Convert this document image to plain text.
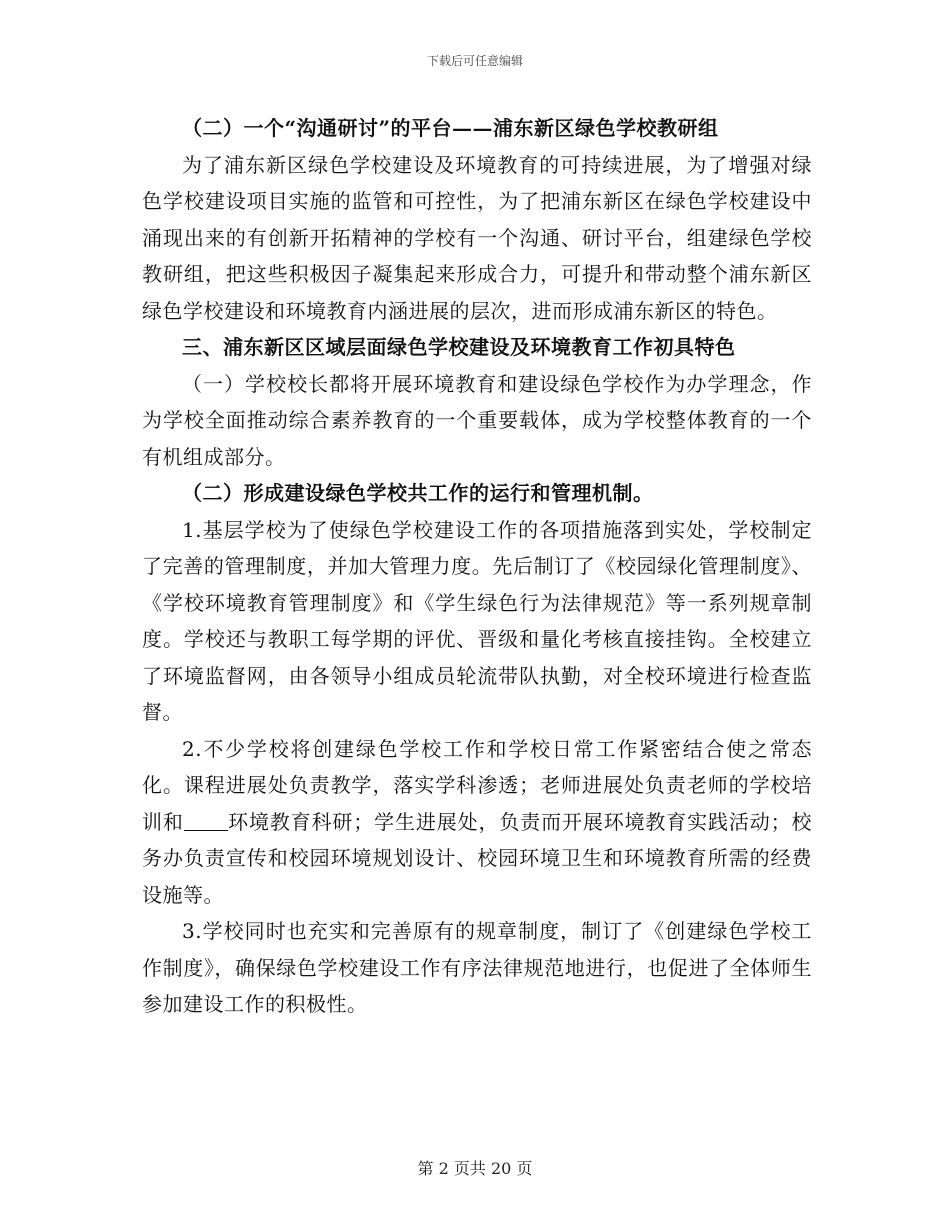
下载后可任意编辑

（二）一个“沟通研讨”的平台——浦东新区绿色学校教研组

为了浦东新区绿色学校建设及环境教育的可持续进展，为了增强对绿色学校建设项目实施的监管和可控性，为了把浦东新区在绿色学校建设中涌现出来的有创新开拓精神的学校有一个沟通、研讨平台，组建绿色学校教研组，把这些积极因子凝集起来形成合力，可提升和带动整个浦东新区绿色学校建设和环境教育内涵进展的层次，进而形成浦东新区的特色。

三、浦东新区区域层面绿色学校建设及环境教育工作初具特色

（一）学校校长都将开展环境教育和建设绿色学校作为办学理念，作为学校全面推动综合素养教育的一个重要载体，成为学校整体教育的一个有机组成部分。

（二）形成建设绿色学校共工作的运行和管理机制。

1.基层学校为了使绿色学校建设工作的各项措施落到实处，学校制定了完善的管理制度，并加大管理力度。先后制订了《校园绿化管理制度》、《学校环境教育管理制度》和《学生绿色行为法律规范》等一系列规章制度。学校还与教职工每学期的评优、晋级和量化考核直接挂钩。全校建立了环境监督网，由各领导小组成员轮流带队执勤，对全校环境进行检查监督。

2.不少学校将创建绿色学校工作和学校日常工作紧密结合使之常态化。课程进展处负责教学，落实学科渗透；老师进展处负责老师的学校培训和 环境教育科研；学生进展处，负责而开展环境教育实践活动；校务办负责宣传和校园环境规划设计、校园环境卫生和环境教育所需的经费设施等。

3.学校同时也充实和完善原有的规章制度，制订了《创建绿色学校工作制度》，确保绿色学校建设工作有序法律规范地进行，也促进了全体师生参加建设工作的积极性。

第 2 页共 20 页
